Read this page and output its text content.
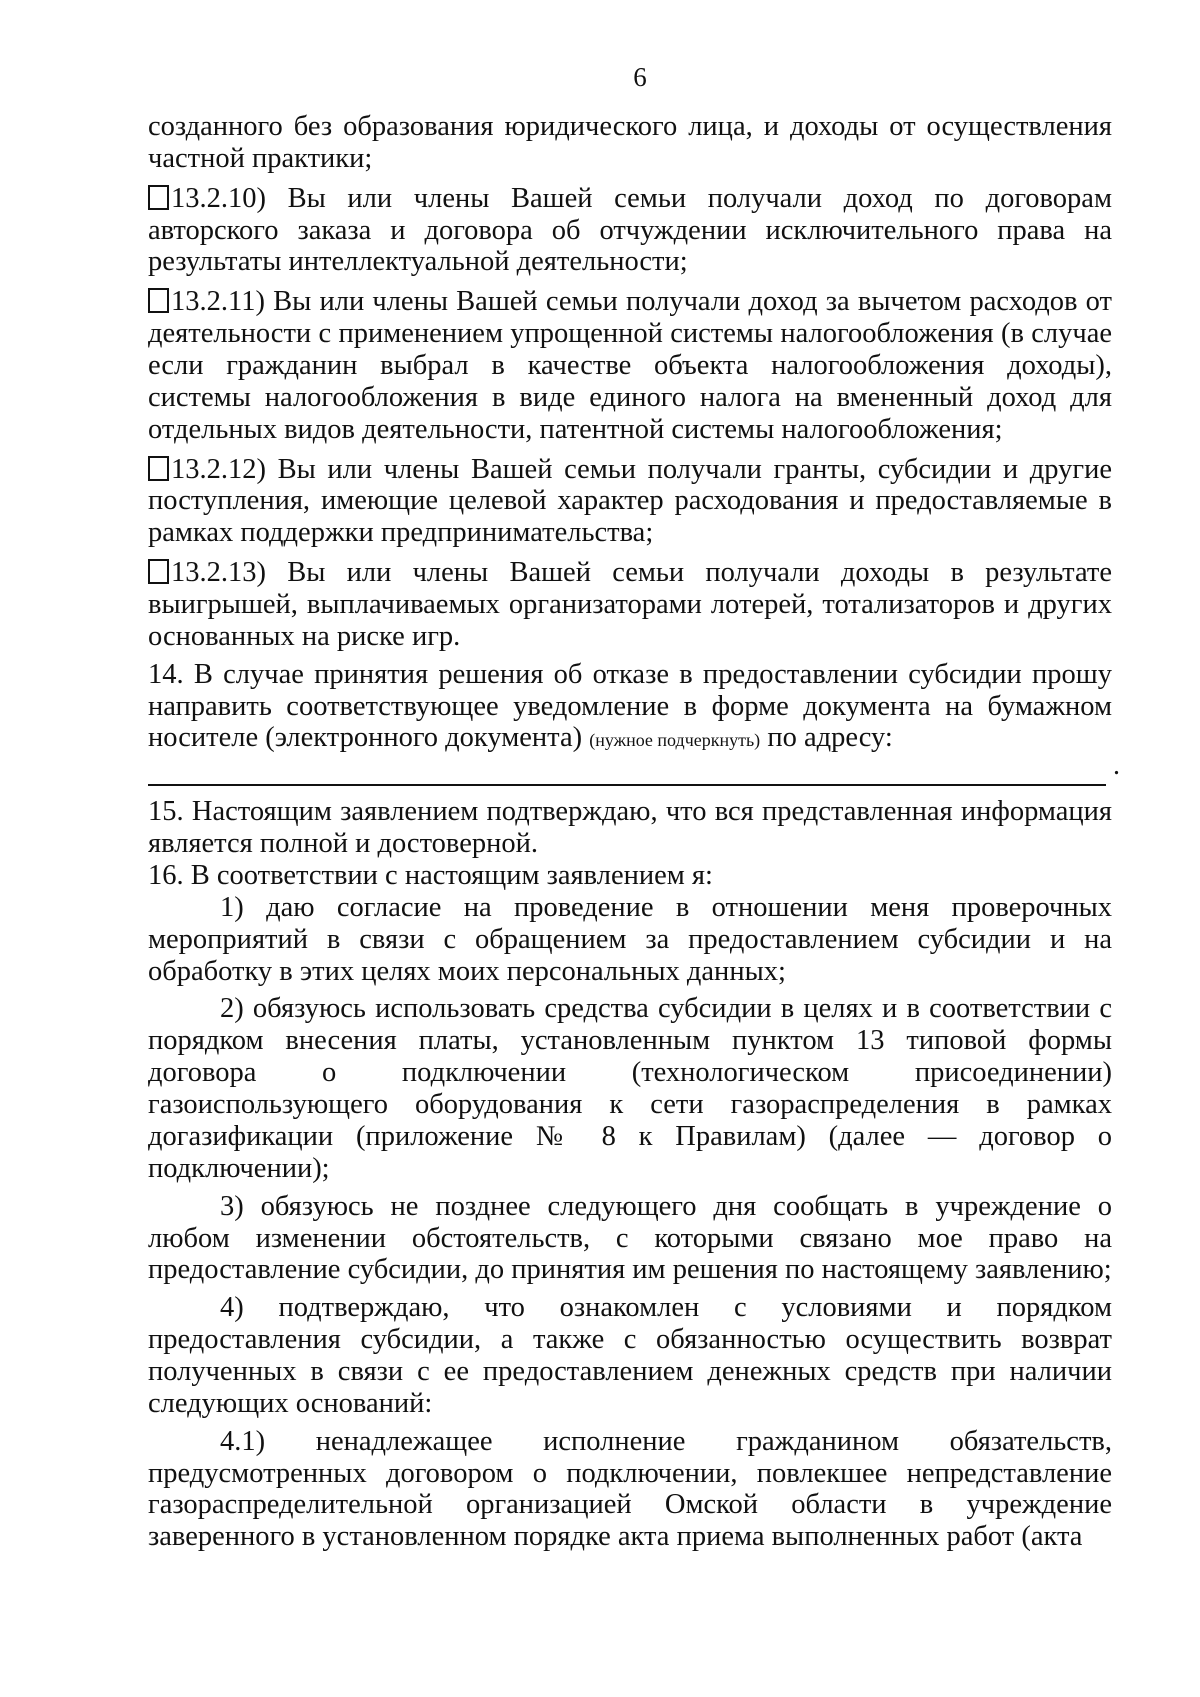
6

созданного без образования юридического лица, и доходы от осуществления частной практики;

13.2.10) Вы или члены Вашей семьи получали доход по договорам авторского заказа и договора об отчуждении исключительного права на результаты интеллектуальной деятельности;

13.2.11) Вы или члены Вашей семьи получали доход за вычетом расходов от деятельности с применением упрощенной системы налогообложения (в случае если гражданин выбрал в качестве объекта налогообложения доходы), системы налогообложения в виде единого налога на вмененный доход для отдельных видов деятельности, патентной системы налогообложения;

13.2.12) Вы или члены Вашей семьи получали гранты, субсидии и другие поступления, имеющие целевой характер расходования и предоставляемые в рамках поддержки предпринимательства;

13.2.13) Вы или члены Вашей семьи получали доходы в результате выигрышей, выплачиваемых организаторами лотерей, тотализаторов и других основанных на риске игр.

14. В случае принятия решения об отказе в предоставлении субсидии прошу направить соответствующее уведомление в форме документа на бумажном носителе (электронного документа) (нужное подчеркнуть) по адресу:

.

15. Настоящим заявлением подтверждаю, что вся представленная информация является полной и достоверной.

16. В соответствии с настоящим заявлением я:

1) даю согласие на проведение в отношении меня проверочных мероприятий в связи с обращением за предоставлением субсидии и на обработку в этих целях моих персональных данных;

2) обязуюсь использовать средства субсидии в целях и в соответствии с порядком внесения платы, установленным пунктом 13 типовой формы договора о подключении (технологическом присоединении) газоиспользующего оборудования к сети газораспределения в рамках догазификации (приложение № 8 к Правилам) (далее — договор о подключении);

3) обязуюсь не позднее следующего дня сообщать в учреждение о любом изменении обстоятельств, с которыми связано мое право на предоставление субсидии, до принятия им решения по настоящему заявлению;

4) подтверждаю, что ознакомлен с условиями и порядком предоставления субсидии, а также с обязанностью осуществить возврат полученных в связи с ее предоставлением денежных средств при наличии следующих оснований:

4.1) ненадлежащее исполнение гражданином обязательств, предусмотренных договором о подключении, повлекшее непредставление газораспределительной организацией Омской области в учреждение заверенного в установленном порядке акта приема выполненных работ (акта
